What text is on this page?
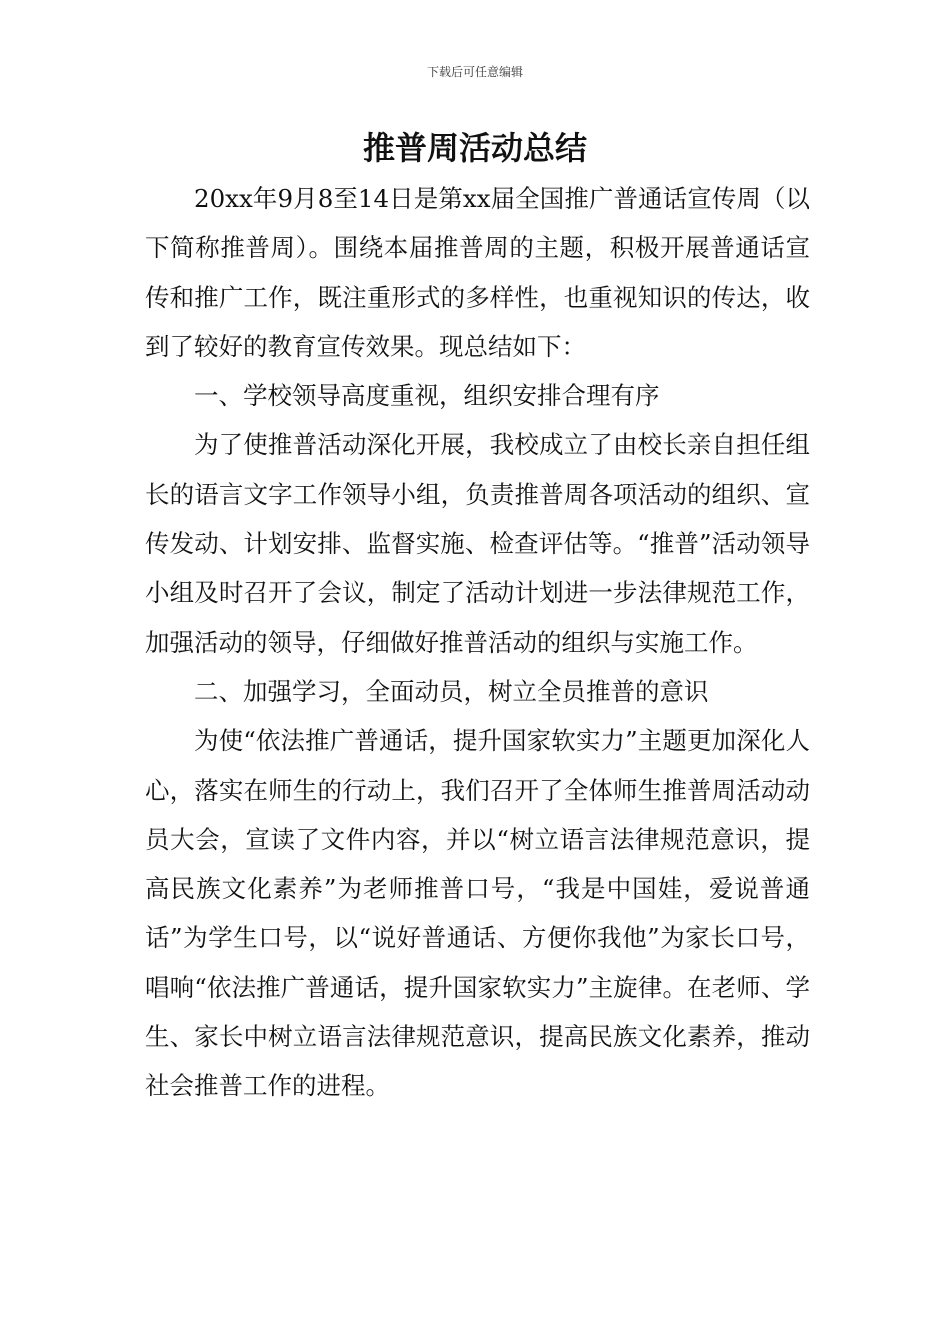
下载后可任意编辑
推普周活动总结

20xx年9月8至14日是第xx届全国推广普通话宣传周（以下简称推普周）。围绕本届推普周的主题，积极开展普通话宣传和推广工作，既注重形式的多样性，也重视知识的传达，收到了较好的教育宣传效果。现总结如下：

一、学校领导高度重视，组织安排合理有序

为了使推普活动深化开展，我校成立了由校长亲自担任组长的语言文字工作领导小组，负责推普周各项活动的组织、宣传发动、计划安排、监督实施、检查评估等。“推普”活动领导小组及时召开了会议，制定了活动计划进一步法律规范工作，加强活动的领导，仔细做好推普活动的组织与实施工作。

二、加强学习，全面动员，树立全员推普的意识

为使“依法推广普通话，提升国家软实力”主题更加深化人心，落实在师生的行动上，我们召开了全体师生推普周活动动员大会，宣读了文件内容，并以“树立语言法律规范意识，提高民族文化素养”为老师推普口号，“我是中国娃，爱说普通话”为学生口号，以“说好普通话、方便你我他”为家长口号，唱响“依法推广普通话，提升国家软实力”主旋律。在老师、学生、家长中树立语言法律规范意识，提高民族文化素养，推动社会推普工作的进程。
